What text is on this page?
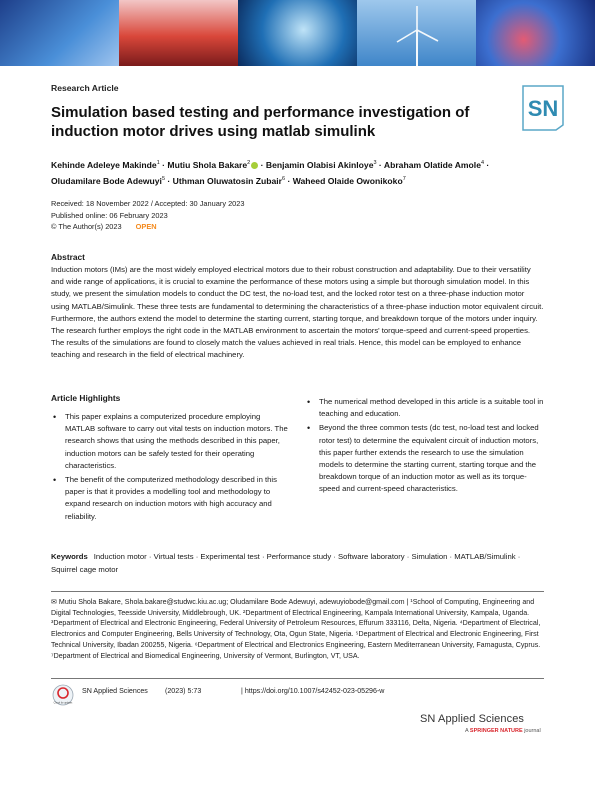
Research Article
Simulation based testing and performance investigation of induction motor drives using matlab simulink
SN
Kehinde Adeleye Makinde$^1$ · Mutiu Shola Bakare$^2$ · Benjamin Olabisi Akinloye$^3$ · Abraham Olatide Amole$^4$ ·
Oludamilare Bode Adewuyi$^5$ · Uthman Oluwatosin Zubair$^6$ · Waheed Olaide Owonikoko$^7$
Received: 18 November 2022 / Accepted: 30 January 2023
Published online: 06 February 2023
© The Author(s) 2023 OPEN
Abstract

Induction motors (IMs) are the most widely employed electrical motors due to their robust construction and adaptability. Due to their versatility and wide range of applications, it is crucial to examine the performance of these motors using a simple but thorough simulation model. In this study, we present the simulation models to conduct the DC test, the no-load test, and the locked rotor test on a three-phase induction motor using MATLAB/Simulink. These three tests are fundamental to determining the characteristics of a three-phase induction motor equivalent circuit. Furthermore, the authors extend the model to determine the starting current, starting torque, and breakdown torque of the motors under inquiry. The research further employs the right code in the MATLAB environment to ascertain the motors' torque-speed and current-speed properties. The results of the simulations are found to closely match the values achieved in real trials. Hence, this model can be employed to enhance teaching and research in the field of electrical machinery.

Article Highlights
• This paper explains a computerized procedure employing MATLAB software to carry out vital tests on induction motors. The research shows that using the methods described in this paper, induction motors can be safely tested for their operating characteristics.
• The benefit of the computerized methodology described in this paper is that it provides a modelling tool and methodology to expand research on induction motors with high accuracy and reliability.
• The numerical method developed in this article is a suitable tool in teaching and education.
• Beyond the three common tests (dc test, no-load test and locked rotor test) to determine the equivalent circuit of induction motors, this paper further extends the research to use the simulation models to determine the starting current, starting torque and the breakdown torque of an induction motor as well as its torque-speed and current-speed characteristics.
Keywords Induction motor · Virtual tests · Experimental test · Performance study · Software laboratory · Simulation · MATLAB/Simulink · Squirrel cage motor

✉ Mutiu Shola Bakare, Shola.bakare@studwc.kiu.ac.ug; Oludamilare Bode Adewuyi, adewuyiobode@gmail.com | ¹School of Computing, Engineering and Digital Technologies, Teesside University, Middlebrough, UK. ²Department of Electrical Engineering, Kampala International University, Kampala, Uganda. ³Department of Electrical and Electronic Engineering, Federal University of Petroleum Resources, Effurum 333116, Delta, Nigeria. ⁴Department of Electrical, Electronics and Computer Engineering, Bells University of Technology, Ota, Ogun State, Nigeria. ⁵Department of Electrical and Electronic Engineering, First Technical University, Ibadan 200255, Nigeria. ⁶Department of Electrical and Electronics Engineering, Eastern Mediterranean University, Famagusta, Cyprus. ⁷Department of Electrical and Biomedical Engineering, University of Vermont, Burlington, VT, USA.

Check for updates
SN Applied Sciences (2023) 5:73	| https://doi.org/10.1007/s42452-023-05296-w
SN Applied Sciences
A SPRINGER NATURE journal
